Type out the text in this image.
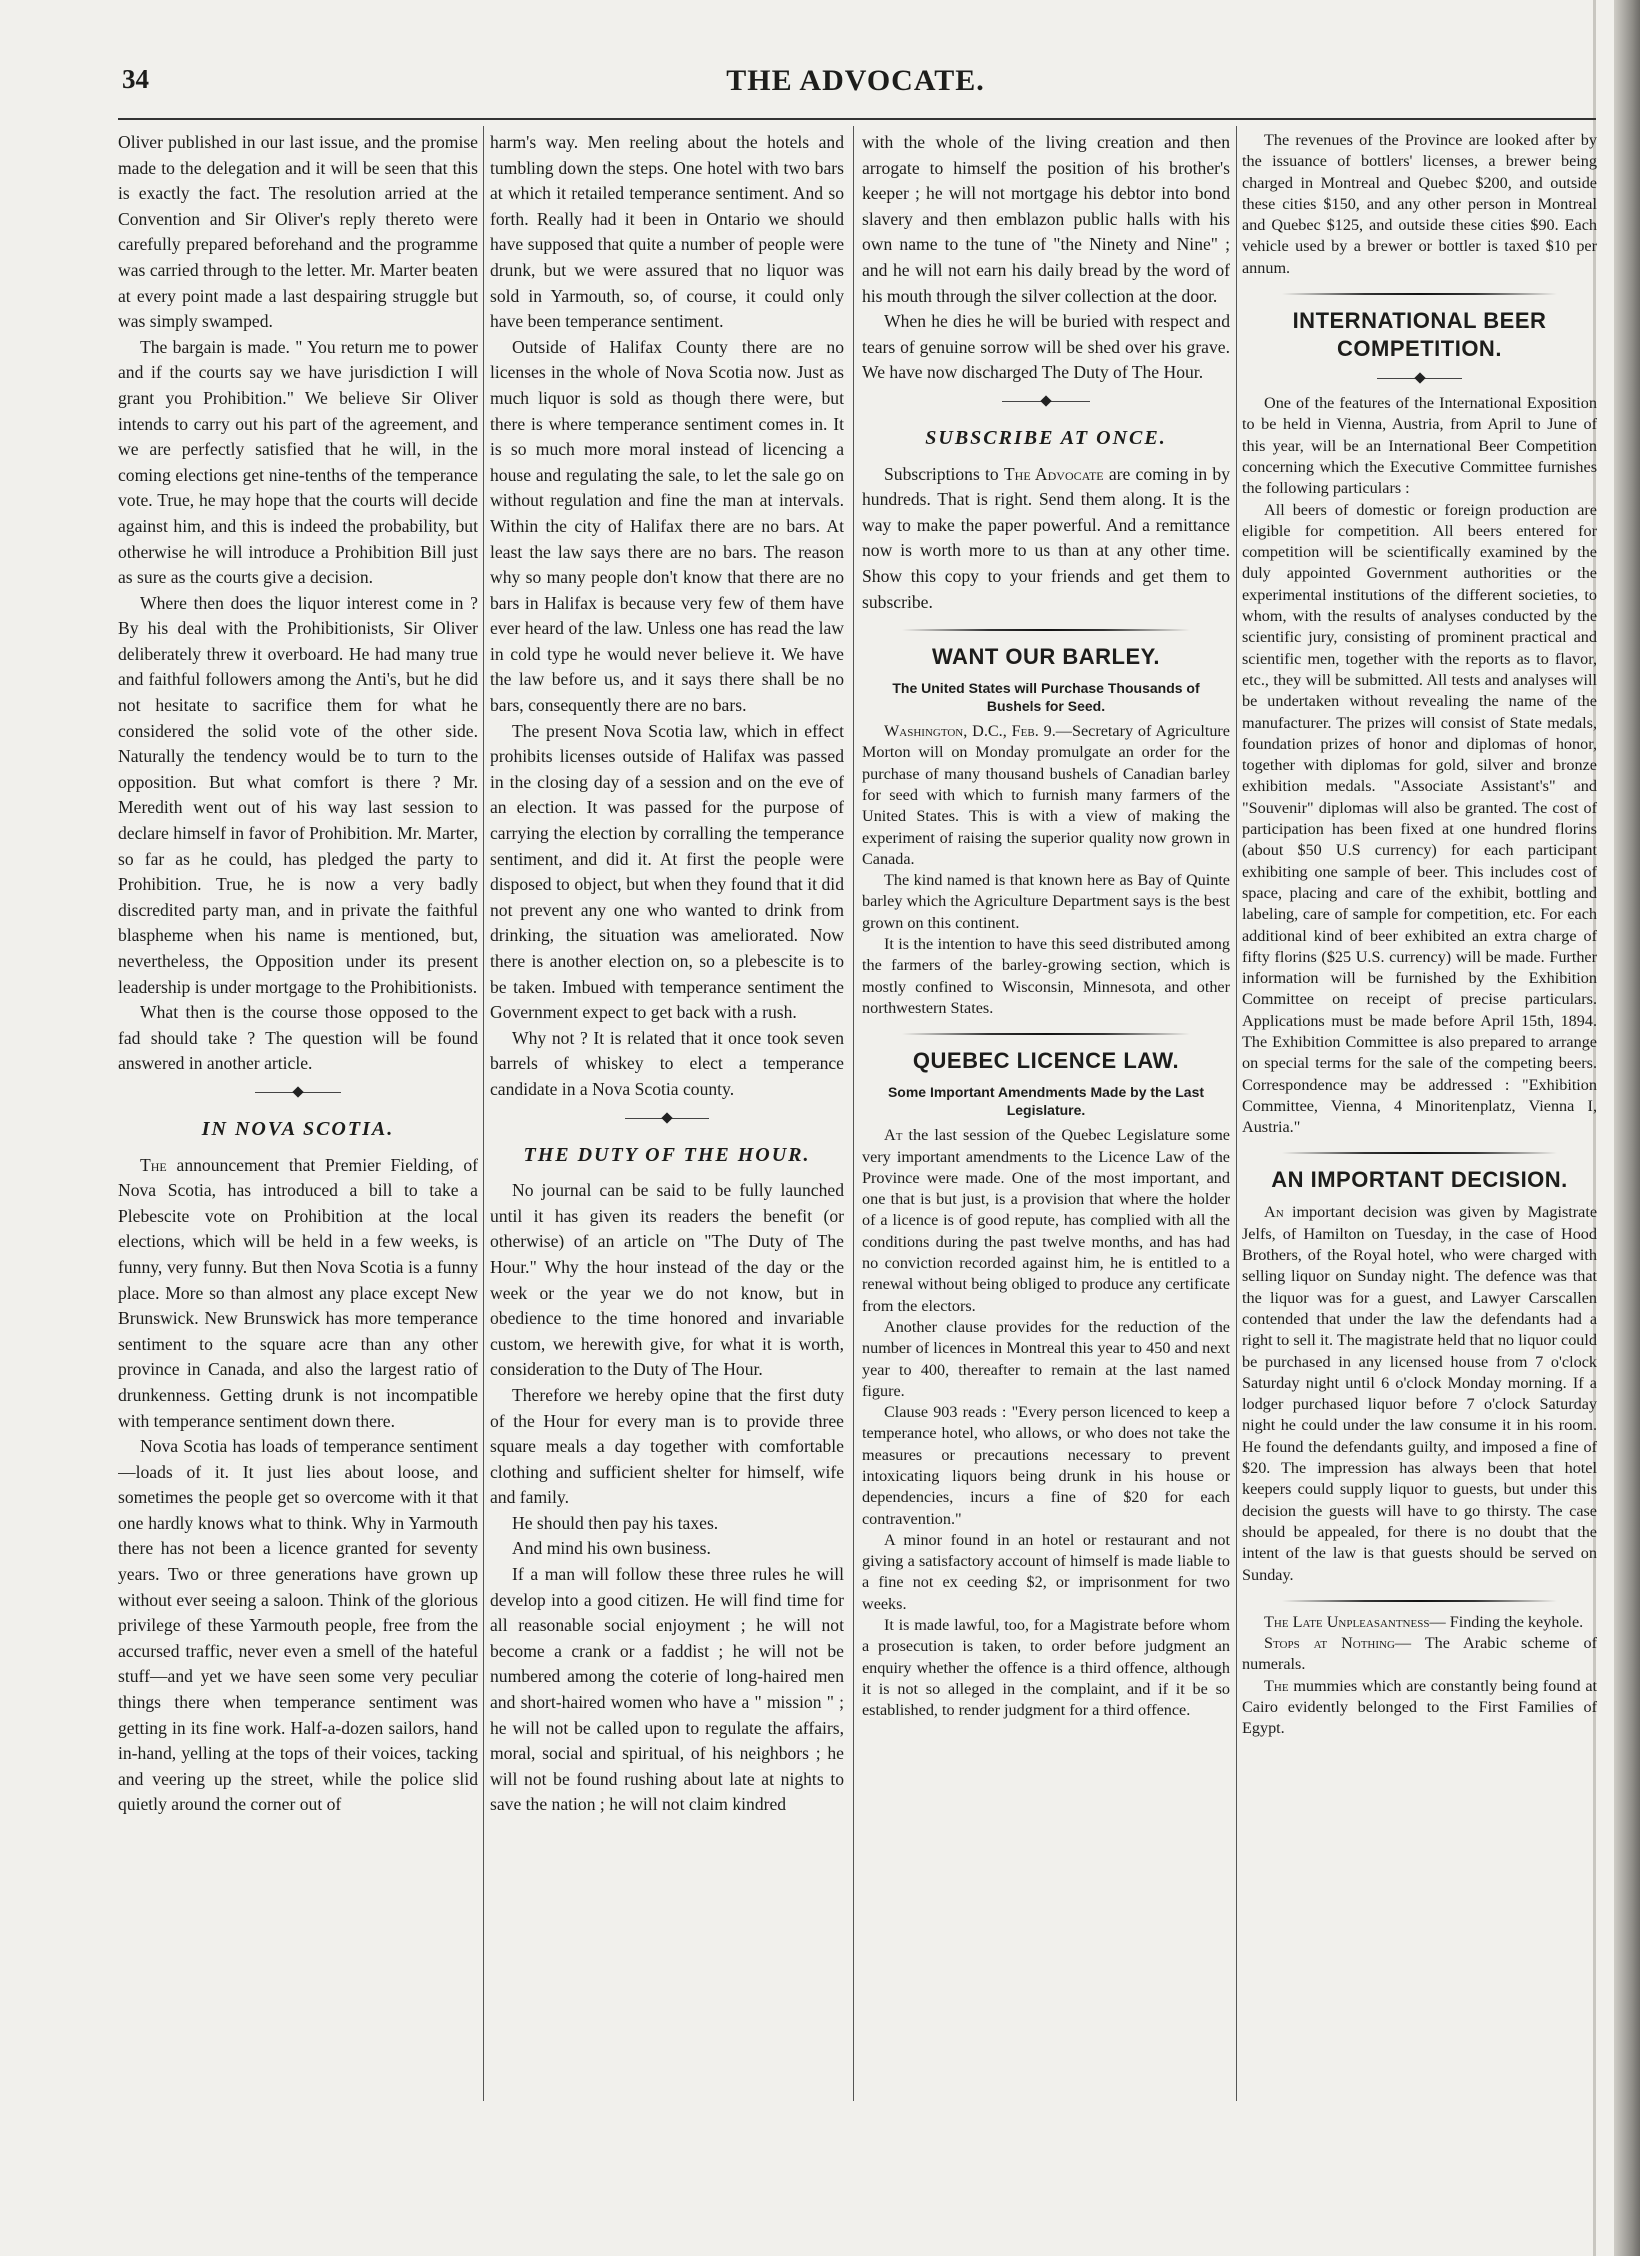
34	THE ADVOCATE.

Oliver published in our last issue, and the promise made to the delegation and it will be seen that this is exactly the fact. The resolution arried at the Convention and Sir Oliver's reply thereto were carefully prepared beforehand and the programme was carried through to the letter. Mr. Marter beaten at every point made a last despairing struggle but was simply swamped.

The bargain is made. " You return me to power and if the courts say we have jurisdiction I will grant you Prohibition." We believe Sir Oliver intends to carry out his part of the agreement, and we are perfectly satisfied that he will, in the coming elections get nine-tenths of the temperance vote. True, he may hope that the courts will decide against him, and this is indeed the probability, but otherwise he will introduce a Prohibition Bill just as sure as the courts give a decision.

Where then does the liquor interest come in ? By his deal with the Prohibitionists, Sir Oliver deliberately threw it overboard. He had many true and faithful followers among the Anti's, but he did not hesitate to sacrifice them for what he considered the solid vote of the other side. Naturally the tendency would be to turn to the opposition. But what comfort is there ? Mr. Meredith went out of his way last session to declare himself in favor of Prohibition. Mr. Marter, so far as he could, has pledged the party to Prohibition. True, he is now a very badly discredited party man, and in private the faithful blaspheme when his name is mentioned, but, nevertheless, the Opposition under its present leadership is under mortgage to the Prohibitionists.

What then is the course those opposed to the fad should take ? The question will be found answered in another article.

IN NOVA SCOTIA.

The announcement that Premier Fielding, of Nova Scotia, has introduced a bill to take a Plebescite vote on Prohibition at the local elections, which will be held in a few weeks, is funny, very funny. But then Nova Scotia is a funny place. More so than almost any place except New Brunswick. New Brunswick has more temperance sentiment to the square acre than any other province in Canada, and also the largest ratio of drunkenness. Getting drunk is not incompatible with temperance sentiment down there.

Nova Scotia has loads of temperance sentiment—loads of it. It just lies about loose, and sometimes the people get so overcome with it that one hardly knows what to think. Why in Yarmouth there has not been a licence granted for seventy years. Two or three generations have grown up without ever seeing a saloon. Think of the glorious privilege of these Yarmouth people, free from the accursed traffic, never even a smell of the hateful stuff—and yet we have seen some very peculiar things there when temperance sentiment was getting in its fine work. Half-a-dozen sailors, hand in-hand, yelling at the tops of their voices, tacking and veering up the street, while the police slid quietly around the corner out of

harm's way. Men reeling about the hotels and tumbling down the steps. One hotel with two bars at which it retailed temperance sentiment. And so forth. Really had it been in Ontario we should have supposed that quite a number of people were drunk, but we were assured that no liquor was sold in Yarmouth, so, of course, it could only have been temperance sentiment.

Outside of Halifax County there are no licenses in the whole of Nova Scotia now. Just as much liquor is sold as though there were, but there is where temperance sentiment comes in. It is so much more moral instead of licencing a house and regulating the sale, to let the sale go on without regulation and fine the man at intervals. Within the city of Halifax there are no bars. At least the law says there are no bars. The reason why so many people don't know that there are no bars in Halifax is because very few of them have ever heard of the law. Unless one has read the law in cold type he would never believe it. We have the law before us, and it says there shall be no bars, consequently there are no bars.

The present Nova Scotia law, which in effect prohibits licenses outside of Halifax was passed in the closing day of a session and on the eve of an election. It was passed for the purpose of carrying the election by corralling the temperance sentiment, and did it. At first the people were disposed to object, but when they found that it did not prevent any one who wanted to drink from drinking, the situation was ameliorated. Now there is another election on, so a plebescite is to be taken. Imbued with temperance sentiment the Government expect to get back with a rush.

Why not ? It is related that it once took seven barrels of whiskey to elect a temperance candidate in a Nova Scotia county.

THE DUTY OF THE HOUR.

No journal can be said to be fully launched until it has given its readers the benefit (or otherwise) of an article on "The Duty of The Hour." Why the hour instead of the day or the week or the year we do not know, but in obedience to the time honored and invariable custom, we herewith give, for what it is worth, consideration to the Duty of The Hour.

Therefore we hereby opine that the first duty of the Hour for every man is to provide three square meals a day together with comfortable clothing and sufficient shelter for himself, wife and family.

He should then pay his taxes.

And mind his own business.

If a man will follow these three rules he will develop into a good citizen. He will find time for all reasonable social enjoyment ; he will not become a crank or a faddist ; he will not be numbered among the coterie of long-haired men and short-haired women who have a " mission " ; he will not be called upon to regulate the affairs, moral, social and spiritual, of his neighbors ; he will not be found rushing about late at nights to save the nation ; he will not claim kindred

with the whole of the living creation and then arrogate to himself the position of his brother's keeper ; he will not mortgage his debtor into bond slavery and then emblazon public halls with his own name to the tune of "the Ninety and Nine" ; and he will not earn his daily bread by the word of his mouth through the silver collection at the door.

When he dies he will be buried with respect and tears of genuine sorrow will be shed over his grave. We have now discharged The Duty of The Hour.

SUBSCRIBE AT ONCE.

Subscriptions to The Advocate are coming in by hundreds. That is right. Send them along. It is the way to make the paper powerful. And a remittance now is worth more to us than at any other time. Show this copy to your friends and get them to subscribe.

WANT OUR BARLEY.
The United States will Purchase Thousands of Bushels for Seed.

Washington, D.C., Feb. 9.—Secretary of Agriculture Morton will on Monday promulgate an order for the purchase of many thousand bushels of Canadian barley for seed with which to furnish many farmers of the United States. This is with a view of making the experiment of raising the superior quality now grown in Canada.

The kind named is that known here as Bay of Quinte barley which the Agriculture Department says is the best grown on this continent.

It is the intention to have this seed distributed among the farmers of the barley-growing section, which is mostly confined to Wisconsin, Minnesota, and other northwestern States.

QUEBEC LICENCE LAW.
Some Important Amendments Made by the Last Legislature.

At the last session of the Quebec Legislature some very important amendments to the Licence Law of the Province were made. One of the most important, and one that is but just, is a provision that where the holder of a licence is of good repute, has complied with all the conditions during the past twelve months, and has had no conviction recorded against him, he is entitled to a renewal without being obliged to produce any certificate from the electors.

Another clause provides for the reduction of the number of licences in Montreal this year to 450 and next year to 400, thereafter to remain at the last named figure.

Clause 903 reads : "Every person licenced to keep a temperance hotel, who allows, or who does not take the measures or precautions necessary to prevent intoxicating liquors being drunk in his house or dependencies, incurs a fine of $20 for each contravention."

A minor found in an hotel or restaurant and not giving a satisfactory account of himself is made liable to a fine not ex ceeding $2, or imprisonment for two weeks.

It is made lawful, too, for a Magistrate before whom a prosecution is taken, to order before judgment an enquiry whether the offence is a third offence, although it is not so alleged in the complaint, and if it be so established, to render judgment for a third offence.

The revenues of the Province are looked after by the issuance of bottlers' licenses, a brewer being charged in Montreal and Quebec $200, and outside these cities $150, and any other person in Montreal and Quebec $125, and outside these cities $90. Each vehicle used by a brewer or bottler is taxed $10 per annum.

INTERNATIONAL BEER COMPETITION.

One of the features of the International Exposition to be held in Vienna, Austria, from April to June of this year, will be an International Beer Competition concerning which the Executive Committee furnishes the following particulars :

All beers of domestic or foreign production are eligible for competition. All beers entered for competition will be scientifically examined by the duly appointed Government authorities or the experimental institutions of the different societies, to whom, with the results of analyses conducted by the scientific jury, consisting of prominent practical and scientific men, together with the reports as to flavor, etc., they will be submitted. All tests and analyses will be undertaken without revealing the name of the manufacturer. The prizes will consist of State medals, foundation prizes of honor and diplomas of honor, together with diplomas for gold, silver and bronze exhibition medals. "Associate Assistant's" and "Souvenir" diplomas will also be granted. The cost of participation has been fixed at one hundred florins (about $50 U.S currency) for each participant exhibiting one sample of beer. This includes cost of space, placing and care of the exhibit, bottling and labeling, care of sample for competition, etc. For each additional kind of beer exhibited an extra charge of fifty florins ($25 U.S. currency) will be made. Further information will be furnished by the Exhibition Committee on receipt of precise particulars. Applications must be made before April 15th, 1894. The Exhibition Committee is also prepared to arrange on special terms for the sale of the competing beers. Correspondence may be addressed : "Exhibition Committee, Vienna, 4 Minoritenplatz, Vienna I, Austria."

AN IMPORTANT DECISION.

An important decision was given by Magistrate Jelfs, of Hamilton on Tuesday, in the case of Hood Brothers, of the Royal hotel, who were charged with selling liquor on Sunday night. The defence was that the liquor was for a guest, and Lawyer Carscallen contended that under the law the defendants had a right to sell it. The magistrate held that no liquor could be purchased in any licensed house from 7 o'clock Saturday night until 6 o'clock Monday morning. If a lodger purchased liquor before 7 o'clock Saturday night he could under the law consume it in his room. He found the defendants guilty, and imposed a fine of $20. The impression has always been that hotel keepers could supply liquor to guests, but under this decision the guests will have to go thirsty. The case should be appealed, for there is no doubt that the intent of the law is that guests should be served on Sunday.

The Late Unpleasantness— Finding the keyhole.

Stops at Nothing— The Arabic scheme of numerals.

The mummies which are constantly being found at Cairo evidently belonged to the First Families of Egypt.
